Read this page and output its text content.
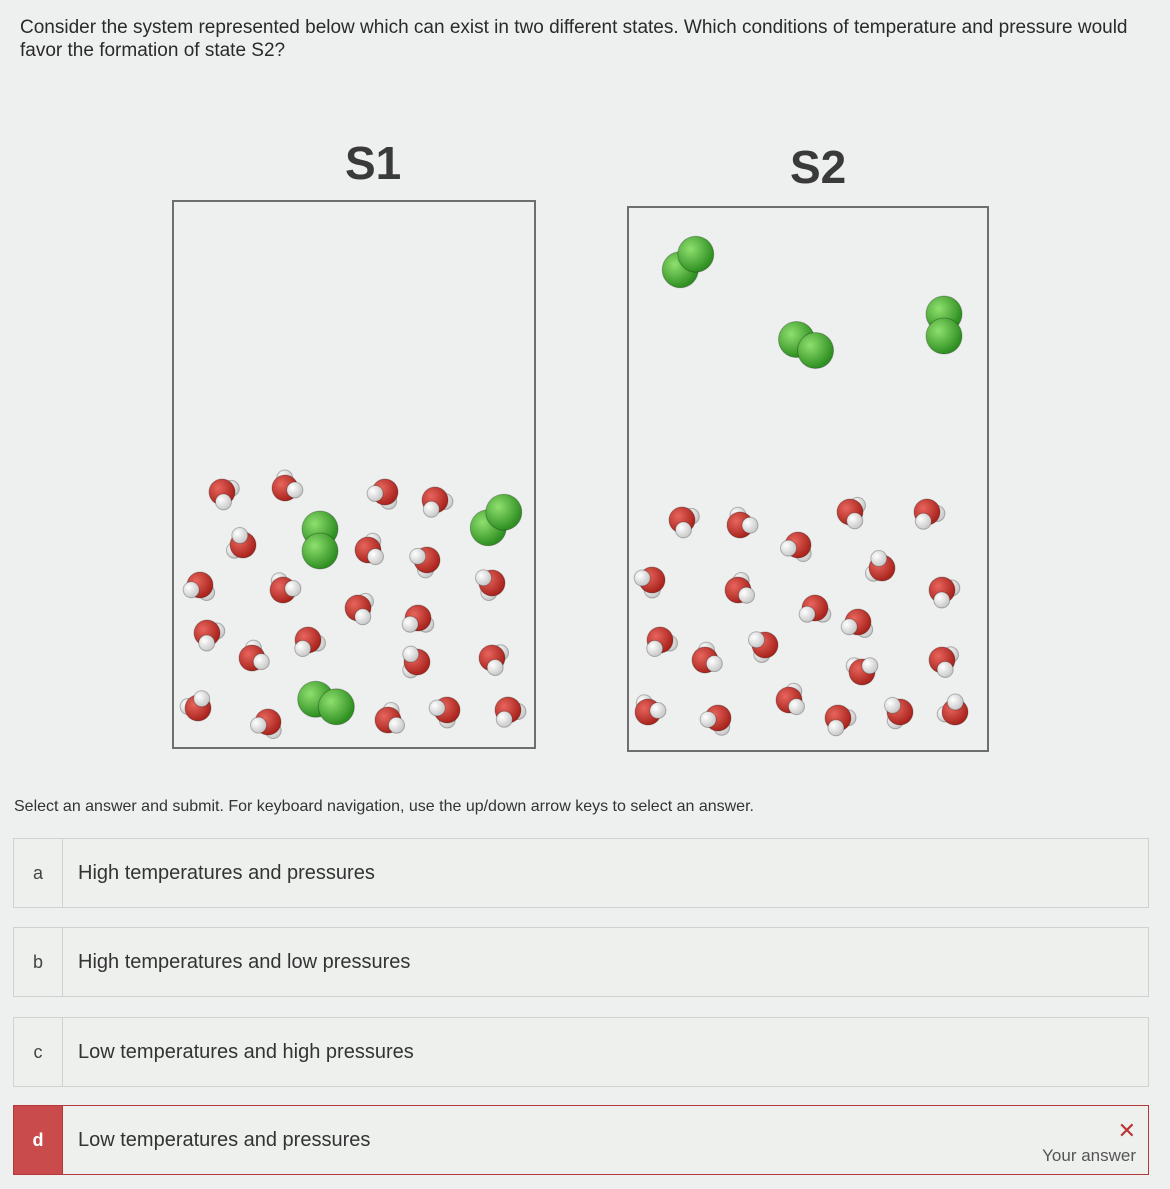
Consider the system represented below which can exist in two different states. Which conditions of temperature and pressure would favor the formation of state S2?
S1	S2
Select an answer and submit. For keyboard navigation, use the up/down arrow keys to select an answer.
a	High temperatures and pressures
b	High temperatures and low pressures
c	Low temperatures and high pressures
d	Low temperatures and pressures	✕
Your answer
